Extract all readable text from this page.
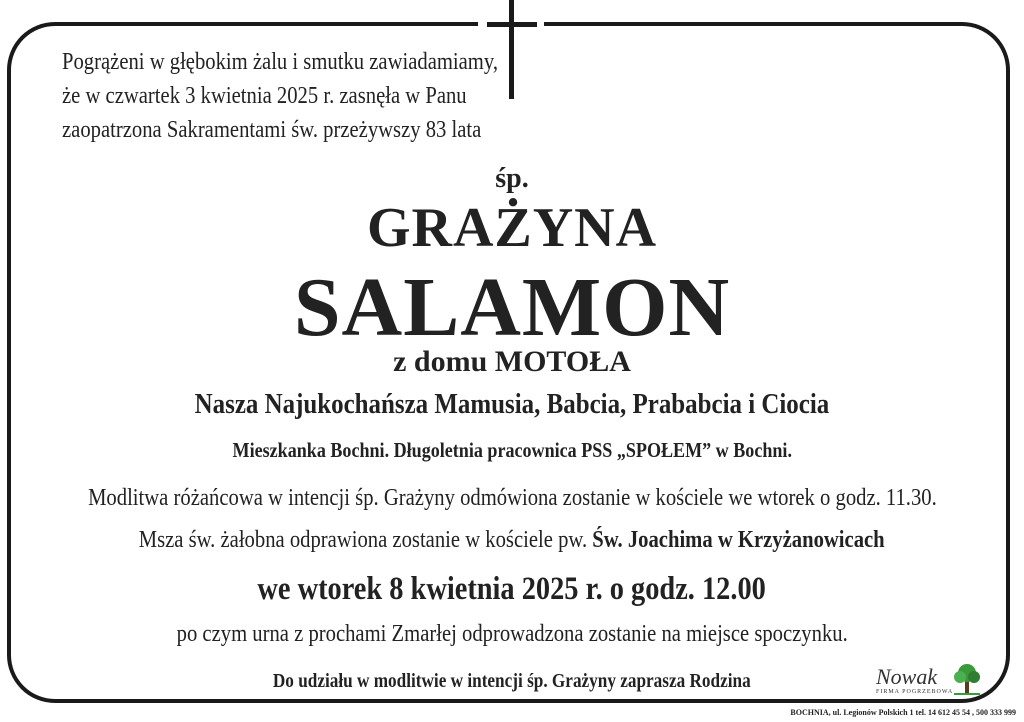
Pogrążeni w głębokim żalu i smutku zawiadamiamy,
że w czwartek 3 kwietnia 2025 r. zasnęła w Panu
zaopatrzona Sakramentami św. przeżywszy 83 lata

śp.

GRAŻYNA

SALAMON

z domu MOTOŁA

Nasza Najukochańsza Mamusia, Babcia, Prababcia i Ciocia

Mieszkanka Bochni. Długoletnia pracownica PSS „SPOŁEM” w Bochni.

Modlitwa różańcowa w intencji śp. Grażyny odmówiona zostanie w kościele we wtorek o godz. 11.30.

Msza św. żałobna odprawiona zostanie w kościele pw. Św. Joachima w Krzyżanowicach

we wtorek 8 kwietnia 2025 r. o godz. 12.00

po czym urna z prochami Zmarłej odprowadzona zostanie na miejsce spoczynku.

Do udziału w modlitwie w intencji śp. Grażyny zaprasza Rodzina	Nowak
FIRMA POGRZEBOWA

BOCHNIA, ul. Legionów Polskich 1 tel. 14 612 45 54 , 500 333 999
